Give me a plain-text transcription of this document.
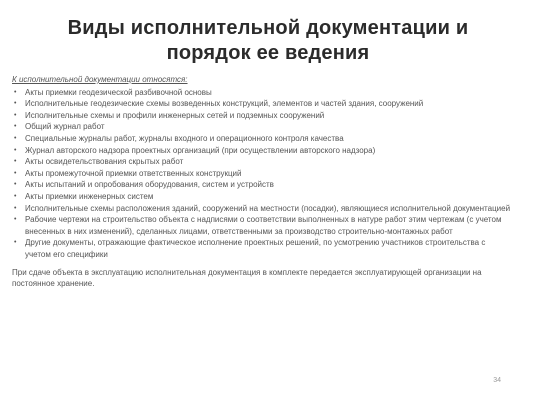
Виды исполнительной документации и
порядок ее ведения
К исполнительной документации относятся:
• Акты приемки геодезической разбивочной основы
• Исполнительные геодезические схемы возведенных конструкций, элементов и частей здания, сооружений
• Исполнительные схемы и профили инженерных сетей и подземных сооружений
• Общий журнал работ
• Специальные журналы работ, журналы входного и операционного контроля качества
• Журнал авторского надзора проектных организаций (при осуществлении авторского надзора)
• Акты освидетельствования скрытых работ
• Акты промежуточной приемки ответственных конструкций
• Акты испытаний и опробования оборудования, систем и устройств
• Акты приемки инженерных систем
• Исполнительные схемы расположения зданий, сооружений на местности (посадки), являющиеся исполнительной документацией
• Рабочие чертежи на строительство объекта с надписями о соответствии выполненных в натуре работ этим чертежам (с учетом внесенных в них изменений), сделанных лицами, ответственными за производство строительно-монтажных работ
• Другие документы, отражающие фактическое исполнение проектных решений, по усмотрению участников строительства с учетом его специфики
При сдаче объекта в эксплуатацию исполнительная документация в комплекте передается эксплуатирующей организации на постоянное хранение.
34
